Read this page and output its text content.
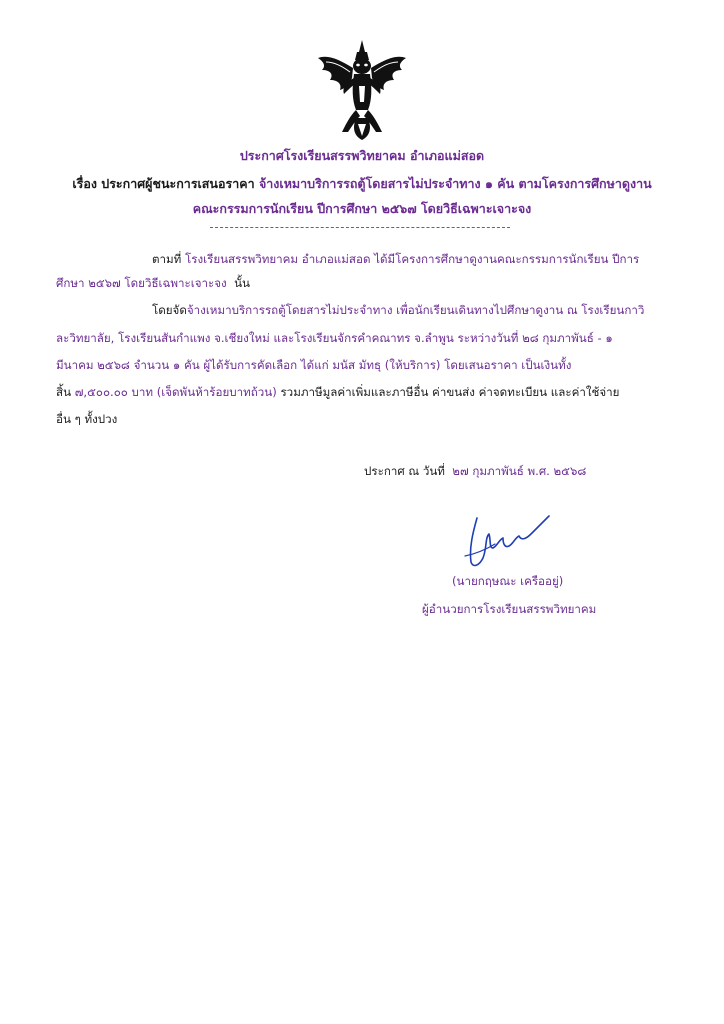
ประกาศโรงเรียนสรรพวิทยาคม อำเภอแม่สอด
เรื่อง ประกาศผู้ชนะการเสนอราคา จ้างเหมาบริการรถตู้โดยสารไม่ประจำทาง ๑ คัน ตามโครงการศึกษาดูงาน
คณะกรรมการนักเรียน ปีการศึกษา ๒๕๖๗ โดยวิธีเฉพาะเจาะจง
ตามที่ โรงเรียนสรรพวิทยาคม อำเภอแม่สอด ได้มีโครงการศึกษาดูงานคณะกรรมการนักเรียน ปีการ
ศึกษา ๒๕๖๗ โดยวิธีเฉพาะเจาะจง นั้น
โดยจัดจ้างเหมาบริการรถตู้โดยสารไม่ประจำทาง เพื่อนักเรียนเดินทางไปศึกษาดูงาน ณ โรงเรียนกาวิ
ละวิทยาลัย, โรงเรียนสันกำแพง จ.เชียงใหม่ และโรงเรียนจักรคำคณาทร จ.ลำพูน ระหว่างวันที่ ๒๘ กุมภาพันธ์ - ๑
มีนาคม ๒๕๖๘ จำนวน ๑ คัน ผู้ได้รับการคัดเลือก ได้แก่ มนัส มัทธุ (ให้บริการ) โดยเสนอราคา เป็นเงินทั้ง
สิ้น ๗,๕๐๐.๐๐ บาท (เจ็ดพันห้าร้อยบาทถ้วน) รวมภาษีมูลค่าเพิ่มและภาษีอื่น ค่าขนส่ง ค่าจดทะเบียน และค่าใช้จ่าย
อื่น ๆ ทั้งปวง
ประกาศ ณ วันที่ ๒๗ กุมภาพันธ์ พ.ศ. ๒๕๖๘
(นายกฤษณะ เครืออยู่)
ผู้อำนวยการโรงเรียนสรรพวิทยาคม
